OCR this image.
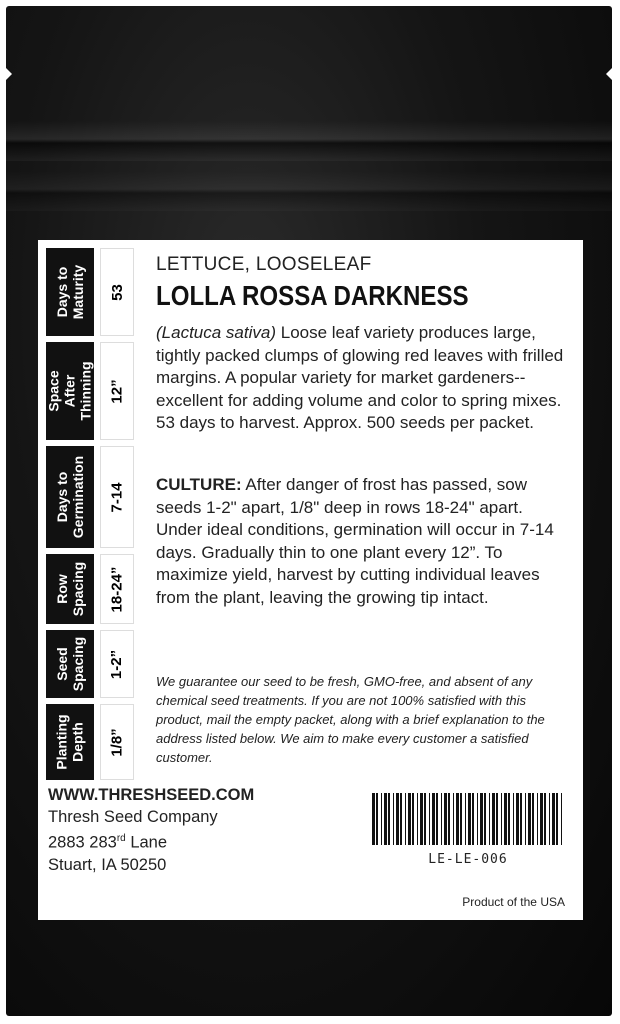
Days to Maturity 53
Space After Thinning 12”
Days to Germination 7-14
Row Spacing 18-24”
Seed Spacing 1-2”
Planting Depth 1/8”
LETTUCE, LOOSELEAF
LOLLA ROSSA DARKNESS

(Lactuca sativa) Loose leaf variety produces large, tightly packed clumps of glowing red leaves with frilled margins. A popular variety for market gardeners-- excellent for adding volume and color to spring mixes. 53 days to harvest. Approx. 500 seeds per packet.

CULTURE: After danger of frost has passed, sow seeds 1-2" apart, 1/8" deep in rows 18-24" apart. Under ideal conditions, germination will occur in 7-14 days. Gradually thin to one plant every 12”. To maximize yield, harvest by cutting individual leaves from the plant, leaving the growing tip intact.

We guarantee our seed to be fresh, GMO-free, and absent of any chemical seed treatments. If you are not 100% satisfied with this product, mail the empty packet, along with a brief explanation to the address listed below. We aim to make every customer a satisfied customer.

WWW.THRESHSEED.COM
Thresh Seed Company
2883 283rd Lane
Stuart, IA 50250	LE-LE-006
Product of the USA
